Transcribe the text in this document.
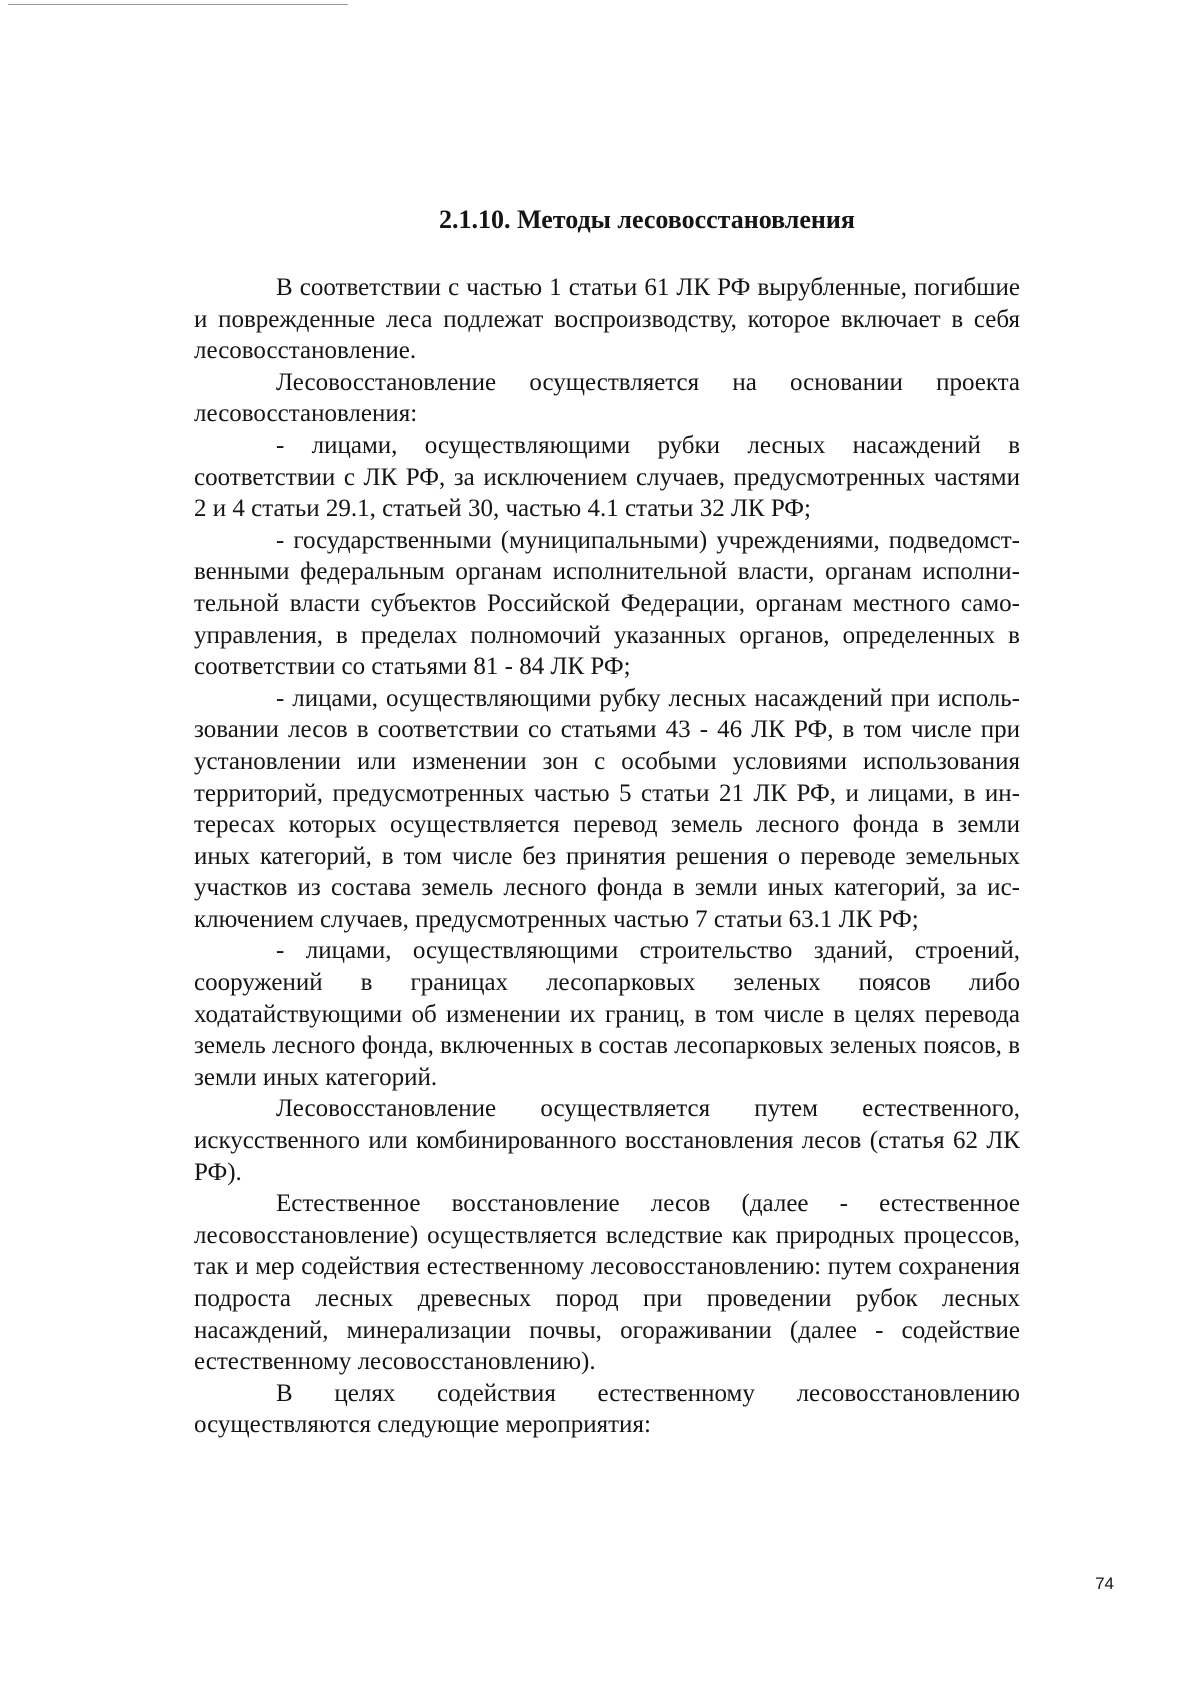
2.1.10. Методы лесовосстановления

В соответствии с частью 1 статьи 61 ЛК РФ вырубленные, погибшие и поврежденные леса подлежат воспроизводству, которое включает в себя лесовосстановление.

Лесовосстановление осуществляется на основании проекта лесовосстановления:

- лицами, осуществляющими рубки лесных насаждений в соответствии с ЛК РФ, за исключением случаев, предусмотренных частями 2 и 4 статьи 29.1, статьей 30, частью 4.1 статьи 32 ЛК РФ;

- государственными (муниципальными) учреждениями, подведомственными федеральным органам исполнительной власти, органам исполнительной власти субъектов Российской Федерации, органам местного самоуправления, в пределах полномочий указанных органов, определенных в соответствии со статьями 81 - 84 ЛК РФ;

- лицами, осуществляющими рубку лесных насаждений при использовании лесов в соответствии со статьями 43 - 46 ЛК РФ, в том числе при установлении или изменении зон с особыми условиями использования территорий, предусмотренных частью 5 статьи 21 ЛК РФ, и лицами, в интересах которых осуществляется перевод земель лесного фонда в земли иных категорий, в том числе без принятия решения о переводе земельных участков из состава земель лесного фонда в земли иных категорий, за исключением случаев, предусмотренных частью 7 статьи 63.1 ЛК РФ;

- лицами, осуществляющими строительство зданий, строений, сооружений в границах лесопарковых зеленых поясов либо ходатайствующими об изменении их границ, в том числе в целях перевода земель лесного фонда, включенных в состав лесопарковых зеленых поясов, в земли иных категорий.

Лесовосстановление осуществляется путем естественного, искусственного или комбинированного восстановления лесов (статья 62 ЛК РФ).

Естественное восстановление лесов (далее - естественное лесовосстановление) осуществляется вследствие как природных процессов, так и мер содействия естественному лесовосстановлению: путем сохранения подроста лесных древесных пород при проведении рубок лесных насаждений, минерализации почвы, огораживании (далее - содействие естественному лесовосстановлению).

В целях содействия естественному лесовосстановлению осуществляются следующие мероприятия:

74
